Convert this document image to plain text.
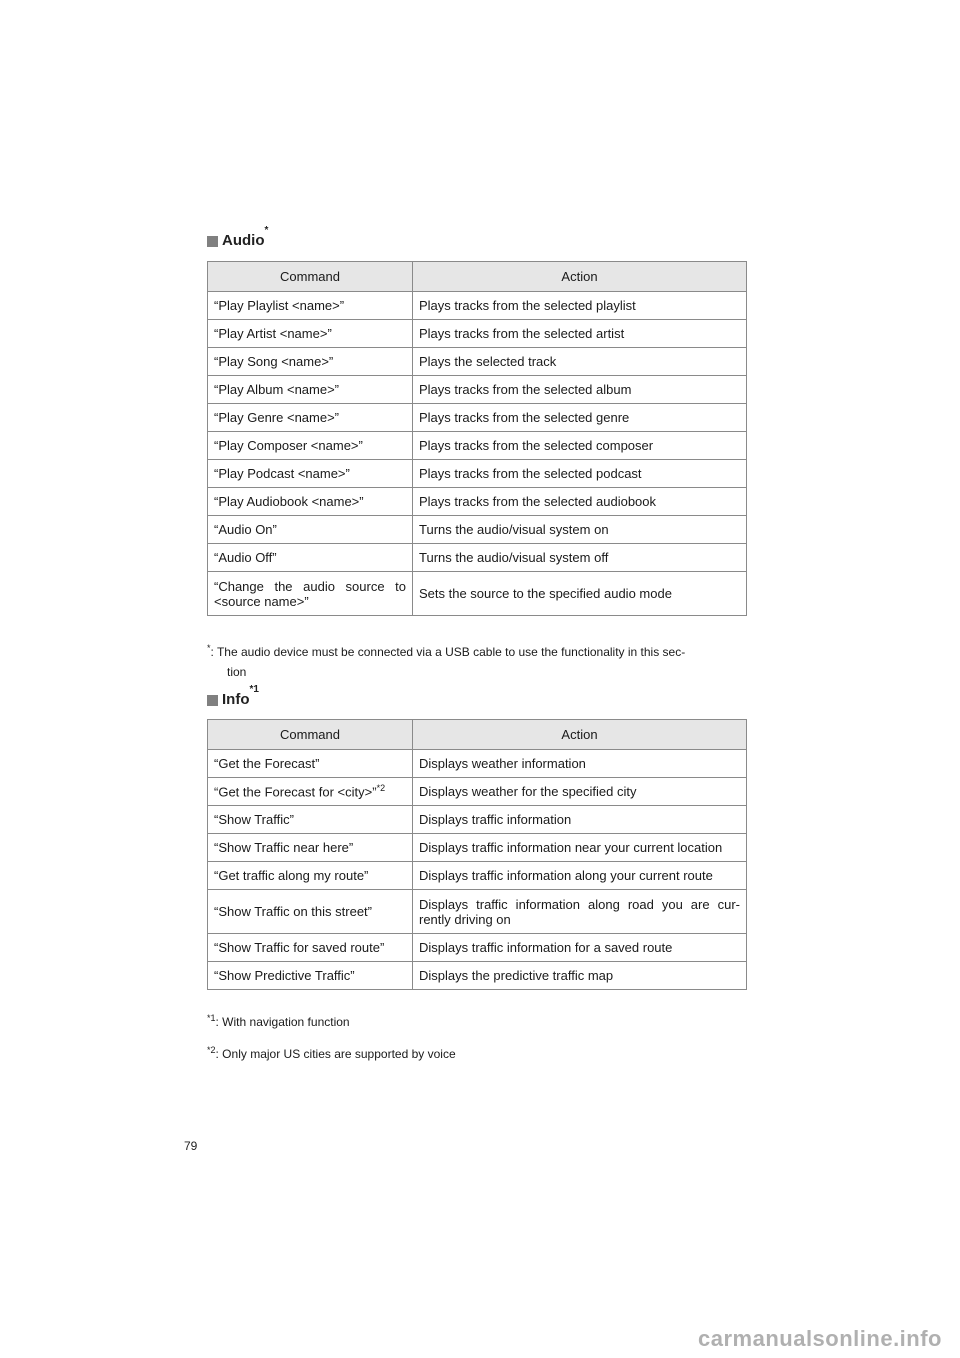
Audio
*
Command	Action
“Play Playlist <name>”	Plays tracks from the selected playlist
“Play Artist <name>”	Plays tracks from the selected artist
“Play Song <name>”	Plays the selected track
“Play Album <name>”	Plays tracks from the selected album
“Play Genre <name>”	Plays tracks from the selected genre
“Play Composer <name>”	Plays tracks from the selected composer
“Play Podcast <name>”	Plays tracks from the selected podcast
“Play Audiobook <name>”	Plays tracks from the selected audiobook
“Audio On”	Turns the audio/visual system on
“Audio Off”	Turns the audio/visual system off

“Change the audio source to
<source name>”	Sets the source to the specified audio mode
*: The audio device must be connected via a USB cable to use the functionality in this sec-
tion
Info
$^{*1}$
Command	Action
“Get the Forecast”	Displays weather information
“Get the Forecast for <city>”$^{*2}$	Displays weather for the specified city
“Show Traffic”	Displays traffic information
“Show Traffic near here”	Displays traffic information near your current location
“Get traffic along my route”	Displays traffic information along your current route
“Show Traffic on this street”	Displays traffic information along road you are cur-
rently driving on

“Show Traffic for saved route”	Displays traffic information for a saved route
“Show Predictive Traffic”	Displays the predictive traffic map
$^{*1}$: With navigation function
$^{*2}$: Only major US cities are supported by voice
79
carmanualsonline.info
